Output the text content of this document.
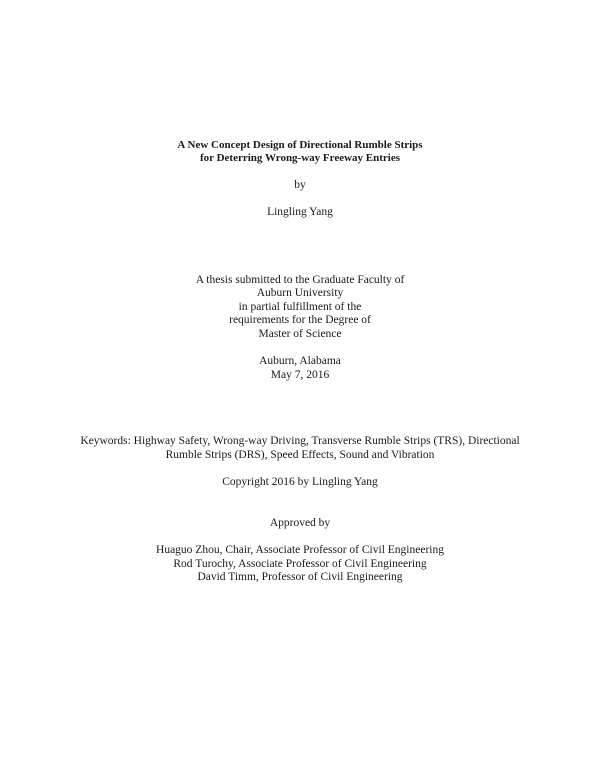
A New Concept Design of Directional Rumble Strips
for Deterring Wrong-way Freeway Entries
by
Lingling Yang
A thesis submitted to the Graduate Faculty of
Auburn University
in partial fulfillment of the
requirements for the Degree of
Master of Science
Auburn, Alabama
May 7, 2016
Keywords: Highway Safety, Wrong-way Driving, Transverse Rumble Strips (TRS), Directional
Rumble Strips (DRS), Speed Effects, Sound and Vibration
Copyright 2016 by Lingling Yang
Approved by
Huaguo Zhou, Chair, Associate Professor of Civil Engineering
Rod Turochy, Associate Professor of Civil Engineering
David Timm, Professor of Civil Engineering
